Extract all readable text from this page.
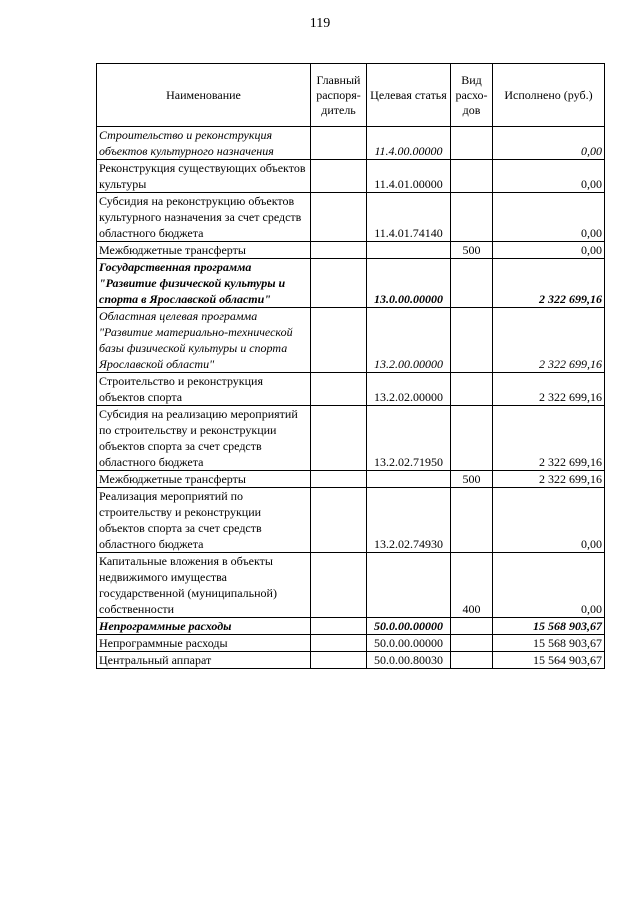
119
Наименование	Главный распоря-дитель	Целевая статья	Вид расхо-дов	Исполнено (руб.)
Строительство и реконструкция объектов культурного назначения		11.4.00.00000		0,00
Реконструкция существующих объектов культуры		11.4.01.00000		0,00
Субсидия на реконструкцию объектов культурного назначения за счет средств областного бюджета		11.4.01.74140		0,00
Межбюджетные трансферты			500	0,00
Государственная программа "Развитие физической культуры и спорта в Ярославской области"		13.0.00.00000		2 322 699,16
Областная целевая программа "Развитие материально-технической базы физической культуры и спорта Ярославской области"		13.2.00.00000		2 322 699,16
Строительство и реконструкция объектов спорта		13.2.02.00000		2 322 699,16
Субсидия на реализацию мероприятий по строительству и реконструкции объектов спорта за счет средств областного бюджета		13.2.02.71950		2 322 699,16
Межбюджетные трансферты			500	2 322 699,16
Реализация мероприятий по строительству и реконструкции объектов спорта за счет средств областного бюджета		13.2.02.74930		0,00
Капитальные вложения в объекты недвижимого имущества государственной (муниципальной) собственности			400	0,00
Непрограммные расходы		50.0.00.00000		15 568 903,67
Непрограммные расходы		50.0.00.00000		15 568 903,67
Центральный аппарат		50.0.00.80030		15 564 903,67
